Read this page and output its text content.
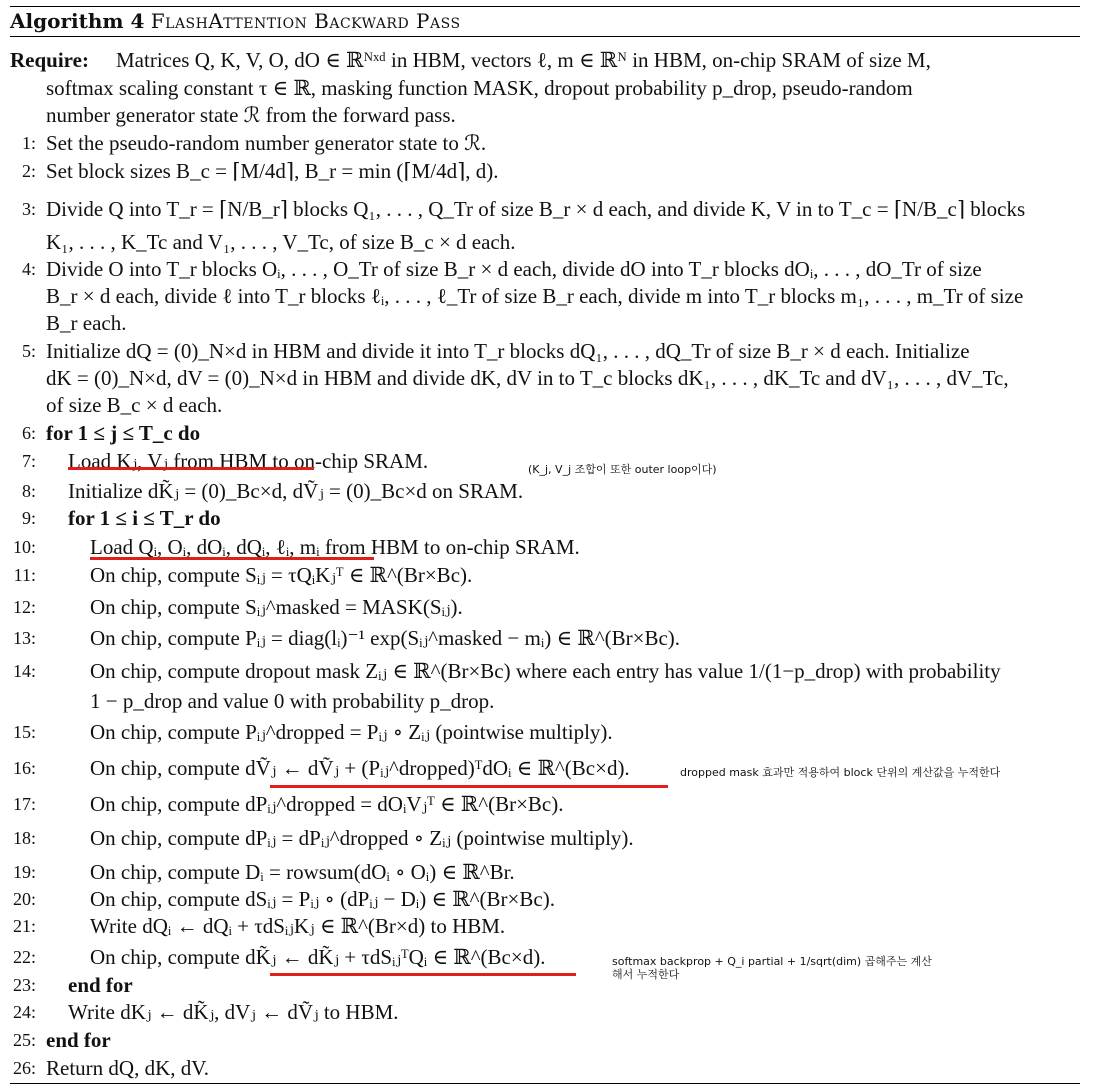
Algorithm 4 FlashAttention Backward Pass
Require: Matrices Q, K, V, O, dO ∈ ℝᴺˣᵈ in HBM, vectors ℓ, m ∈ ℝᴺ in HBM, on-chip SRAM of size M,
softmax scaling constant τ ∈ ℝ, masking function MASK, dropout probability p_drop, pseudo-random
number generator state ℛ from the forward pass.
1: Set the pseudo-random number generator state to ℛ.
2: Set block sizes B_c = ⌈M/4d⌉, B_r = min (⌈M/4d⌉, d).
3: Divide Q into T_r = ⌈N/B_r⌉ blocks Q₁, . . . , Q_Tr of size B_r × d each, and divide K, V in to T_c = ⌈N/B_c⌉ blocks
K₁, . . . , K_Tc and V₁, . . . , V_Tc, of size B_c × d each.
4: Divide O into T_r blocks Oᵢ, . . . , O_Tr of size B_r × d each, divide dO into T_r blocks dOᵢ, . . . , dO_Tr of size
B_r × d each, divide ℓ into T_r blocks ℓᵢ, . . . , ℓ_Tr of size B_r each, divide m into T_r blocks m₁, . . . , m_Tr of size
B_r each.
5: Initialize dQ = (0)_N×d in HBM and divide it into T_r blocks dQ₁, . . . , dQ_Tr of size B_r × d each. Initialize
dK = (0)_N×d, dV = (0)_N×d in HBM and divide dK, dV in to T_c blocks dK₁, . . . , dK_Tc and dV₁, . . . , dV_Tc,
of size B_c × d each.
6: for 1 ≤ j ≤ T_c do
7: Load Kⱼ, Vⱼ from HBM to on-chip SRAM.
8: Initialize dK̃ⱼ = (0)_Bc×d, dṼⱼ = (0)_Bc×d on SRAM.
9: for 1 ≤ i ≤ T_r do
10:	Load Qᵢ, Oᵢ, dOᵢ, dQᵢ, ℓᵢ, mᵢ from HBM to on-chip SRAM.
11:	On chip, compute Sᵢⱼ = τQᵢKⱼᵀ ∈ ℝ^(Br×Bc).
12:	On chip, compute Sᵢⱼ^masked = MASK(Sᵢⱼ).
13:	On chip, compute Pᵢⱼ = diag(lᵢ)⁻¹ exp(Sᵢⱼ^masked − mᵢ) ∈ ℝ^(Br×Bc).
14:	On chip, compute dropout mask Zᵢⱼ ∈ ℝ^(Br×Bc) where each entry has value 1/(1−p_drop) with probability
1 − p_drop and value 0 with probability p_drop.
15:	On chip, compute Pᵢⱼ^dropped = Pᵢⱼ ∘ Zᵢⱼ (pointwise multiply).
16:	On chip, compute dṼⱼ ← dṼⱼ + (Pᵢⱼ^dropped)ᵀdOᵢ ∈ ℝ^(Bc×d).
17:	On chip, compute dPᵢⱼ^dropped = dOᵢVⱼᵀ ∈ ℝ^(Br×Bc).
18:	On chip, compute dPᵢⱼ = dPᵢⱼ^dropped ∘ Zᵢⱼ (pointwise multiply).
19:	On chip, compute Dᵢ = rowsum(dOᵢ ∘ Oᵢ) ∈ ℝ^Br.
20:	On chip, compute dSᵢⱼ = Pᵢⱼ ∘ (dPᵢⱼ − Dᵢ) ∈ ℝ^(Br×Bc).
21:	Write dQᵢ ← dQᵢ + τdSᵢⱼKⱼ ∈ ℝ^(Br×d) to HBM.
22:	On chip, compute dK̃ⱼ ← dK̃ⱼ + τdSᵢⱼᵀQᵢ ∈ ℝ^(Bc×d).
23: end for
24: Write dKⱼ ← dK̃ⱼ, dVⱼ ← dṼⱼ to HBM.
25: end for
26: Return dQ, dK, dV.
(K_j, V_j 조합이 또한 outer loop이다)
dropped mask 효과만 적용하여 block 단위의 계산값을 누적한다
softmax backprop + Q_i partial + 1/sqrt(dim) 곱해주는 계산
해서 누적한다
